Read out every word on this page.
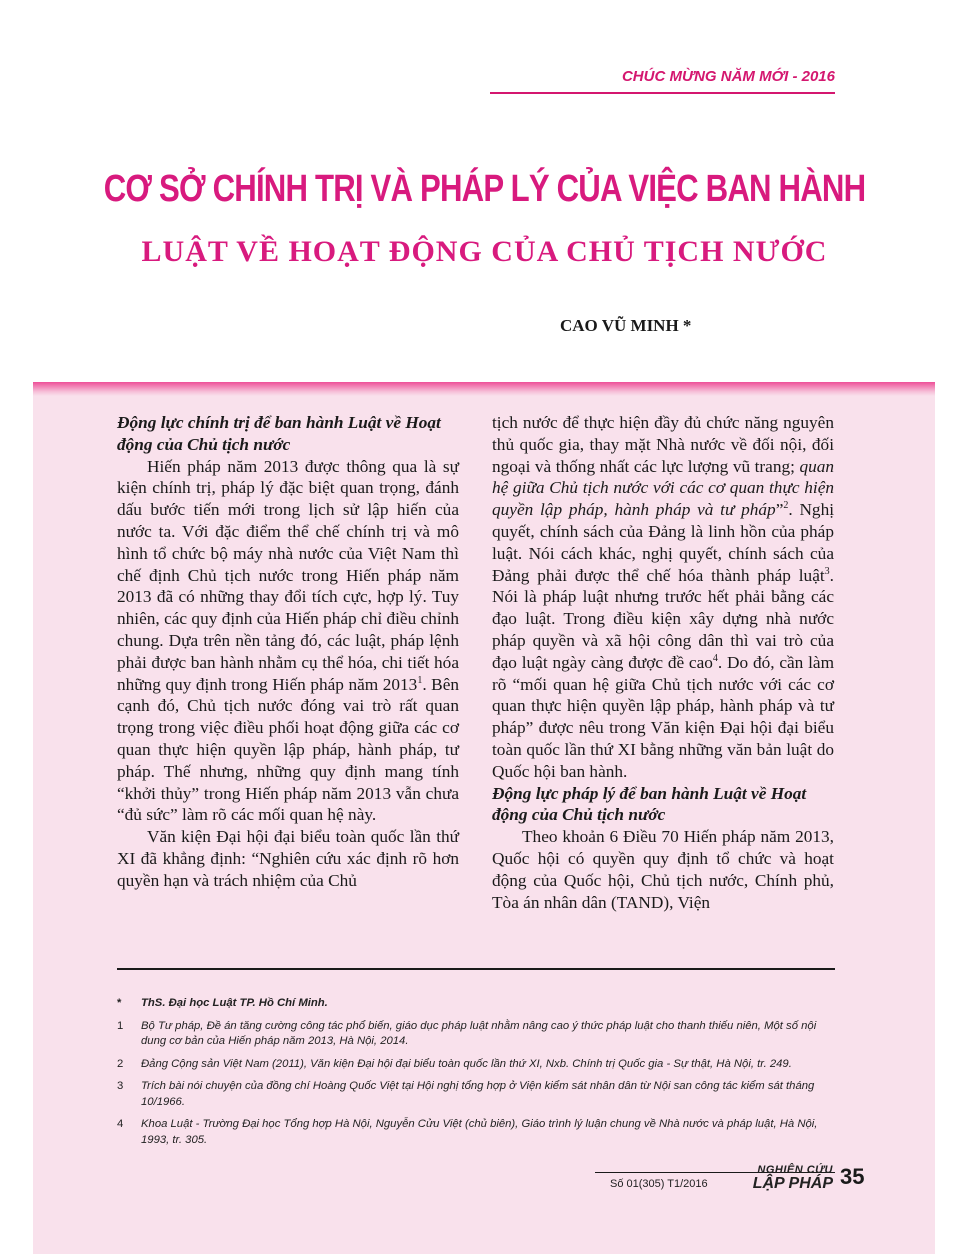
CHÚC MỪNG NĂM MỚI - 2016
CƠ SỞ CHÍNH TRỊ VÀ PHÁP LÝ CỦA VIỆC BAN HÀNH
LUẬT VỀ HOẠT ĐỘNG CỦA CHỦ TỊCH NƯỚC
CAO VŨ MINH *
Động lực chính trị để ban hành Luật về Hoạt động của Chủ tịch nước

Hiến pháp năm 2013 được thông qua là sự kiện chính trị, pháp lý đặc biệt quan trọng, đánh dấu bước tiến mới trong lịch sử lập hiến của nước ta. Với đặc điểm thể chế chính trị và mô hình tổ chức bộ máy nhà nước của Việt Nam thì chế định Chủ tịch nước trong Hiến pháp năm 2013 đã có những thay đổi tích cực, hợp lý. Tuy nhiên, các quy định của Hiến pháp chỉ điều chỉnh chung. Dựa trên nền tảng đó, các luật, pháp lệnh phải được ban hành nhằm cụ thể hóa, chi tiết hóa những quy định trong Hiến pháp năm 2013$^1$. Bên cạnh đó, Chủ tịch nước đóng vai trò rất quan trọng trong việc điều phối hoạt động giữa các cơ quan thực hiện quyền lập pháp, hành pháp, tư pháp. Thế nhưng, những quy định mang tính “khởi thủy” trong Hiến pháp năm 2013 vẫn chưa “đủ sức” làm rõ các mối quan hệ này.

Văn kiện Đại hội đại biểu toàn quốc lần thứ XI đã khẳng định: “Nghiên cứu xác định rõ hơn quyền hạn và trách nhiệm của Chủ

tịch nước để thực hiện đầy đủ chức năng nguyên thủ quốc gia, thay mặt Nhà nước về đối nội, đối ngoại và thống nhất các lực lượng vũ trang; quan hệ giữa Chủ tịch nước với các cơ quan thực hiện quyền lập pháp, hành pháp và tư pháp”$^2$. Nghị quyết, chính sách của Đảng là linh hồn của pháp luật. Nói cách khác, nghị quyết, chính sách của Đảng phải được thể chế hóa thành pháp luật$^3$. Nói là pháp luật nhưng trước hết phải bằng các đạo luật. Trong điều kiện xây dựng nhà nước pháp quyền và xã hội công dân thì vai trò của đạo luật ngày càng được đề cao$^4$. Do đó, cần làm rõ “mối quan hệ giữa Chủ tịch nước với các cơ quan thực hiện quyền lập pháp, hành pháp và tư pháp” được nêu trong Văn kiện Đại hội đại biểu toàn quốc lần thứ XI bằng những văn bản luật do Quốc hội ban hành.

Động lực pháp lý để ban hành Luật về Hoạt động của Chủ tịch nước

Theo khoản 6 Điều 70 Hiến pháp năm 2013, Quốc hội có quyền quy định tổ chức và hoạt động của Quốc hội, Chủ tịch nước, Chính phủ, Tòa án nhân dân (TAND), Viện

* ThS. Đại học Luật TP. Hồ Chí Minh.
1 Bộ Tư pháp, Đề án tăng cường công tác phổ biến, giáo dục pháp luật nhằm nâng cao ý thức pháp luật cho thanh thiếu niên, Một số nội dung cơ bản của Hiến pháp năm 2013, Hà Nội, 2014.
2 Đảng Cộng sản Việt Nam (2011), Văn kiện Đại hội đại biểu toàn quốc lần thứ XI, Nxb. Chính trị Quốc gia - Sự thật, Hà Nội, tr. 249.
3 Trích bài nói chuyện của đồng chí Hoàng Quốc Việt tại Hội nghị tổng hợp ở Viện kiểm sát nhân dân từ Nội san công tác kiểm sát tháng 10/1966.
4 Khoa Luật - Trường Đại học Tổng hợp Hà Nội, Nguyễn Cửu Việt (chủ biên), Giáo trình lý luận chung về Nhà nước và pháp luật, Hà Nội, 1993, tr. 305.
Số 01(305) T1/2016
NGHIÊN CỨU
LẬP PHÁP 35
